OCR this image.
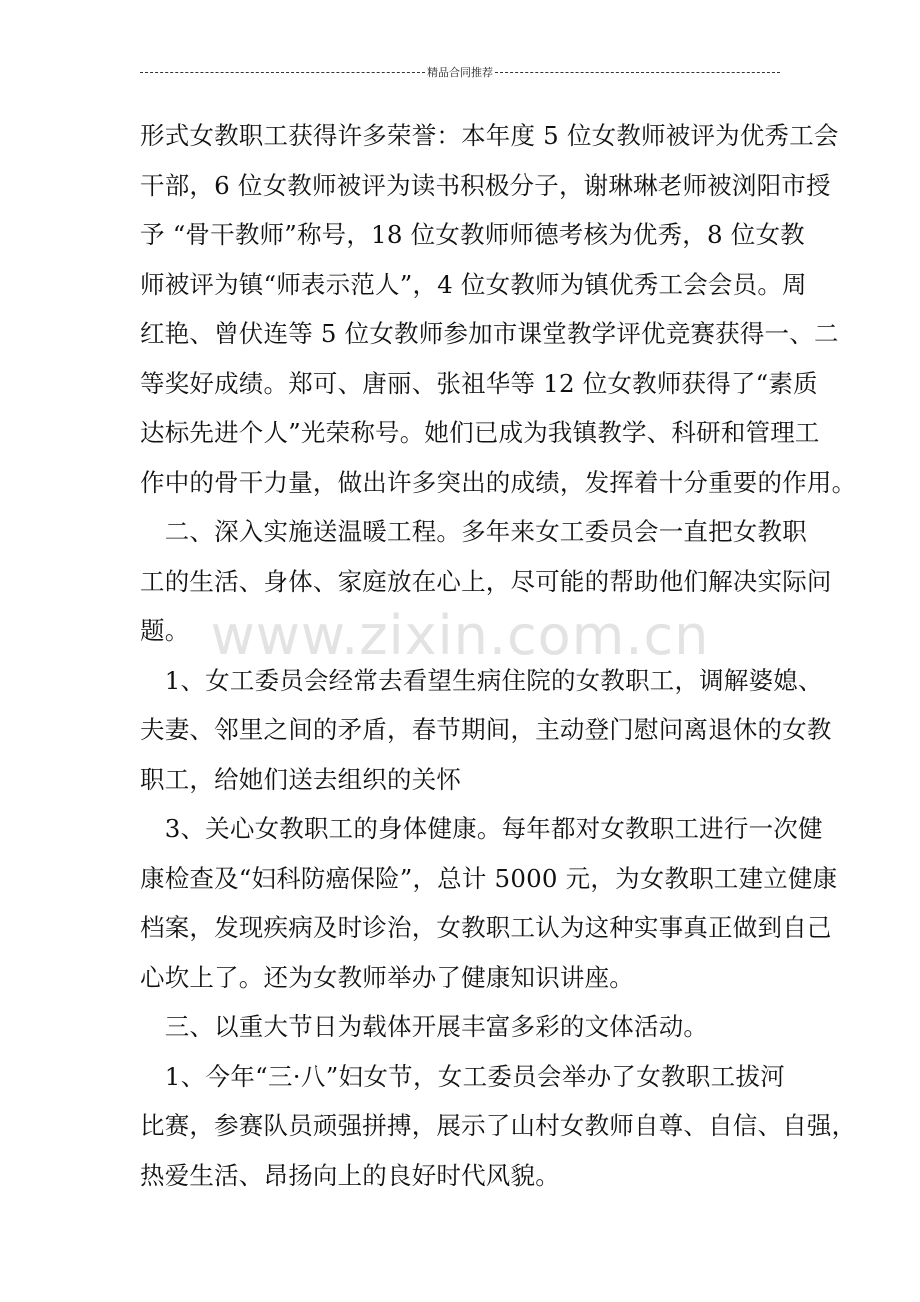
精品合同推荐
www.zixin.com.cn
形式女教职工获得许多荣誉：本年度 5 位女教师被评为优秀工会
干部，6 位女教师被评为读书积极分子，谢琳琳老师被浏阳市授
予 “骨干教师”称号，18 位女教师师德考核为优秀，8 位女教
师被评为镇“师表示范人”，4 位女教师为镇优秀工会会员。周
红艳、曾伏连等 5 位女教师参加市课堂教学评优竞赛获得一、二
等奖好成绩。郑可、唐丽、张祖华等 12 位女教师获得了“素质
达标先进个人”光荣称号。她们已成为我镇教学、科研和管理工
作中的骨干力量，做出许多突出的成绩，发挥着十分重要的作用。
　二、深入实施送温暖工程。多年来女工委员会一直把女教职
工的生活、身体、家庭放在心上，尽可能的帮助他们解决实际问
题。
　1、女工委员会经常去看望生病住院的女教职工，调解婆媳、
夫妻、邻里之间的矛盾，春节期间，主动登门慰问离退休的女教
职工，给她们送去组织的关怀
　3、关心女教职工的身体健康。每年都对女教职工进行一次健
康检查及“妇科防癌保险”，总计 5000 元，为女教职工建立健康
档案，发现疾病及时诊治，女教职工认为这种实事真正做到自己
心坎上了。还为女教师举办了健康知识讲座。
　三、以重大节日为载体开展丰富多彩的文体活动。
　1、今年“三·八”妇女节，女工委员会举办了女教职工拔河
比赛，参赛队员顽强拼搏，展示了山村女教师自尊、自信、自强，
热爱生活、昂扬向上的良好时代风貌。
